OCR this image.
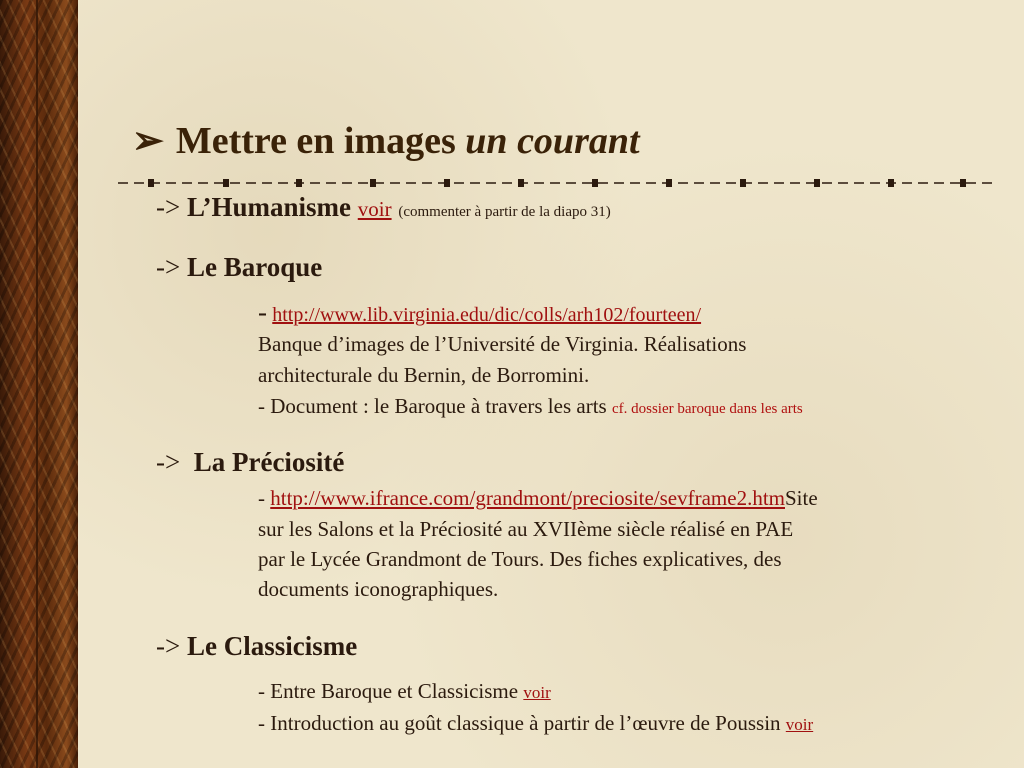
➢ Mettre en images un courant
-> L’Humanisme voir (commenter à partir de la diapo 31)
-> Le Baroque
- http://www.lib.virginia.edu/dic/colls/arh102/fourteen/
Banque d’images de l’Université de Virginia. Réalisations
architecturale du Bernin, de Borromini.
- Document : le Baroque à travers les arts cf. dossier baroque dans les arts
-> La Préciosité
- http://www.ifrance.com/grandmont/preciosite/sevframe2.htmSite
sur les Salons et la Préciosité au XVIIème siècle réalisé en PAE
par le Lycée Grandmont de Tours. Des fiches explicatives, des
documents iconographiques.
-> Le Classicisme
- Entre Baroque et Classicisme voir
- Introduction au goût classique à partir de l’œuvre de Poussin voir
